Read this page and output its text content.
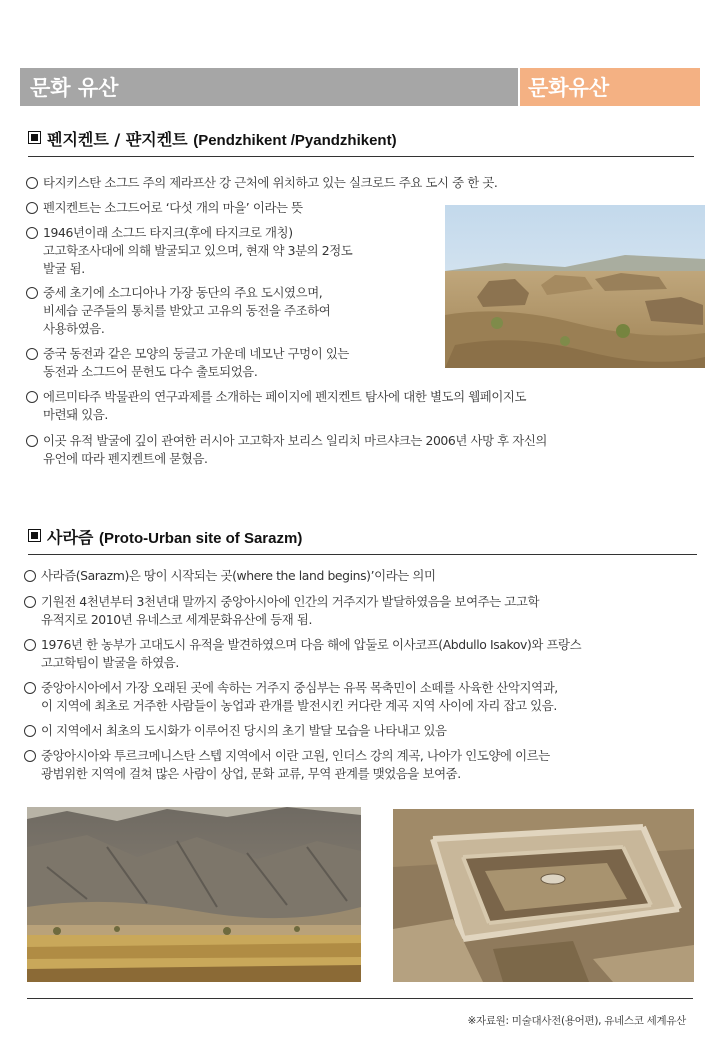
문화 유산	문화유산
펜지켄트 / 퍈지켄트 (Pendzhikent /Pyandzhikent)
타지키스탄 소그드 주의 제라프산 강 근처에 위치하고 있는 실크로드 주요 도시 중 한 곳.
펜지켄트는 소그드어로 ‘다섯 개의 마을’ 이라는 뜻
1946년이래 소그드 타지크(후에 타지크로 개칭)
고고학조사대에 의해 발굴되고 있으며, 현재 약 3분의 2정도
발굴 됨.
중세 초기에 소그디아나 가장 동단의 주요 도시였으며,
비세습 군주들의 통치를 받았고 고유의 동전을 주조하여
사용하였음.
중국 동전과 같은 모양의 둥글고 가운데 네모난 구멍이 있는
동전과 소그드어 문헌도 다수 출토되었음.
에르미타주 박물관의 연구과제를 소개하는 페이지에 펜지켄트 탐사에 대한 별도의 웹페이지도
마련돼 있음.
이곳 유적 발굴에 깊이 관여한 러시아 고고학자 보리스 일리치 마르샤크는 2006년 사망 후 자신의
유언에 따라 펜지켄트에 묻혔음.
사라즘 (Proto-Urban site of Sarazm)
사라즘(Sarazm)은 땅이 시작되는 곳(where the land begins)’이라는 의미
기원전 4천년부터 3천년대 말까지 중앙아시아에 인간의 거주지가 발달하였음을 보여주는 고고학
유적지로 2010년 유네스코 세계문화유산에 등재 됨.
1976년 한 농부가 고대도시 유적을 발견하였으며 다음 해에 압둘로 이사코프(Abdullo Isakov)와 프랑스
고고학팀이 발굴을 하였음.
중앙아시아에서 가장 오래된 곳에 속하는 거주지 중심부는 유목 목축민이 소떼를 사육한 산악지역과,
이 지역에 최초로 거주한 사람들이 농업과 관개를 발전시킨 커다란 계곡 지역 사이에 자리 잡고 있음.
이 지역에서 최초의 도시화가 이루어진 당시의 초기 발달 모습을 나타내고 있음
중앙아시아와 투르크메니스탄 스텝 지역에서 이란 고원, 인더스 강의 계곡, 나아가 인도양에 이르는
광범위한 지역에 걸쳐 많은 사람이 상업, 문화 교류, 무역 관계를 맺었음을 보여줌.
※자료원: 미술대사전(용어편), 유네스코 세계유산
